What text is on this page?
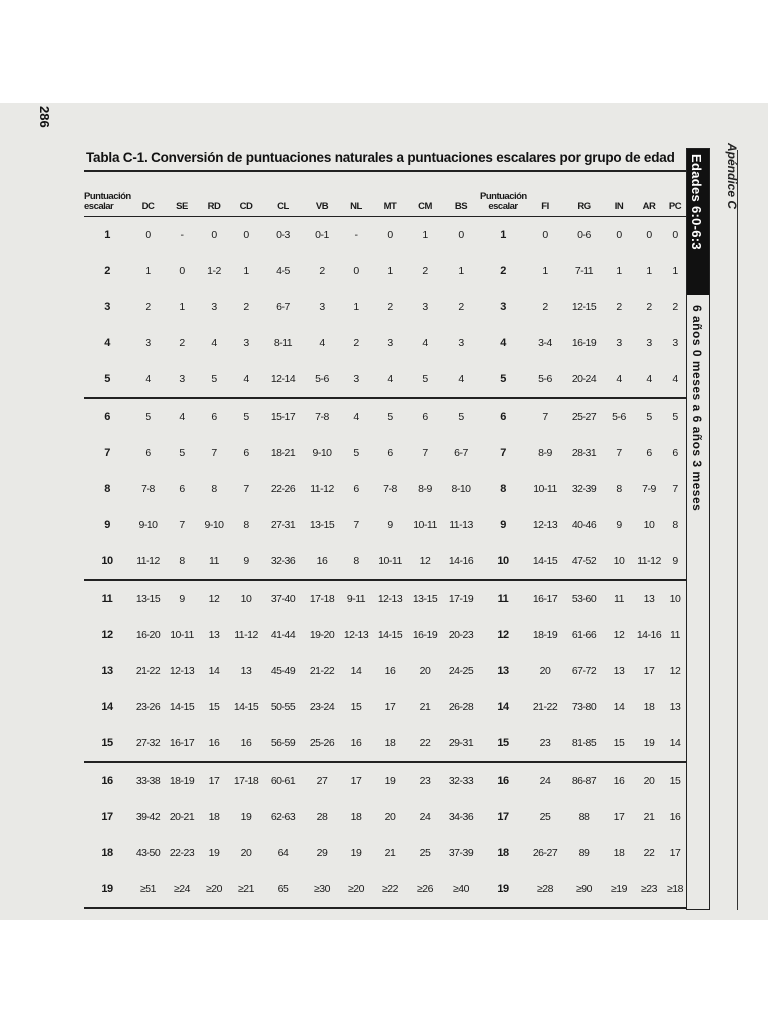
286
Tabla C-1. Conversión de puntuaciones naturales a puntuaciones escalares por grupo de edad
Puntuación escalar	DC	SE	RD	CD	CL	VB	NL	MT	CM	BS	Puntuación escalar	FI	RG	IN	AR	PC
1	0	-	0	0	0-3	0-1	-	0	1	0	1	0	0-6	0	0	0
2	1	0	1-2	1	4-5	2	0	1	2	1	2	1	7-11	1	1	1
3	2	1	3	2	6-7	3	1	2	3	2	3	2	12-15	2	2	2
4	3	2	4	3	8-11	4	2	3	4	3	4	3-4	16-19	3	3	3
5	4	3	5	4	12-14	5-6	3	4	5	4	5	5-6	20-24	4	4	4
6	5	4	6	5	15-17	7-8	4	5	6	5	6	7	25-27	5-6	5	5
7	6	5	7	6	18-21	9-10	5	6	7	6-7	7	8-9	28-31	7	6	6
8	7-8	6	8	7	22-26	11-12	6	7-8	8-9	8-10	8	10-11	32-39	8	7-9	7
9	9-10	7	9-10	8	27-31	13-15	7	9	10-11	11-13	9	12-13	40-46	9	10	8
10	11-12	8	11	9	32-36	16	8	10-11	12	14-16	10	14-15	47-52	10	11-12	9
11	13-15	9	12	10	37-40	17-18	9-11	12-13	13-15	17-19	11	16-17	53-60	11	13	10
12	16-20	10-11	13	11-12	41-44	19-20	12-13	14-15	16-19	20-23	12	18-19	61-66	12	14-16	11
13	21-22	12-13	14	13	45-49	21-22	14	16	20	24-25	13	20	67-72	13	17	12
14	23-26	14-15	15	14-15	50-55	23-24	15	17	21	26-28	14	21-22	73-80	14	18	13
15	27-32	16-17	16	16	56-59	25-26	16	18	22	29-31	15	23	81-85	15	19	14
16	33-38	18-19	17	17-18	60-61	27	17	19	23	32-33	16	24	86-87	16	20	15
17	39-42	20-21	18	19	62-63	28	18	20	24	34-36	17	25	88	17	21	16
18	43-50	22-23	19	20	64	29	19	21	25	37-39	18	26-27	89	18	22	17
19	≥51	≥24	≥20	≥21	65	≥30	≥20	≥22	≥26	≥40	19	≥28	≥90	≥19	≥23	≥18
Edades 6:0-6:3
6 años 0 meses a 6 años 3 meses
Apéndice C
